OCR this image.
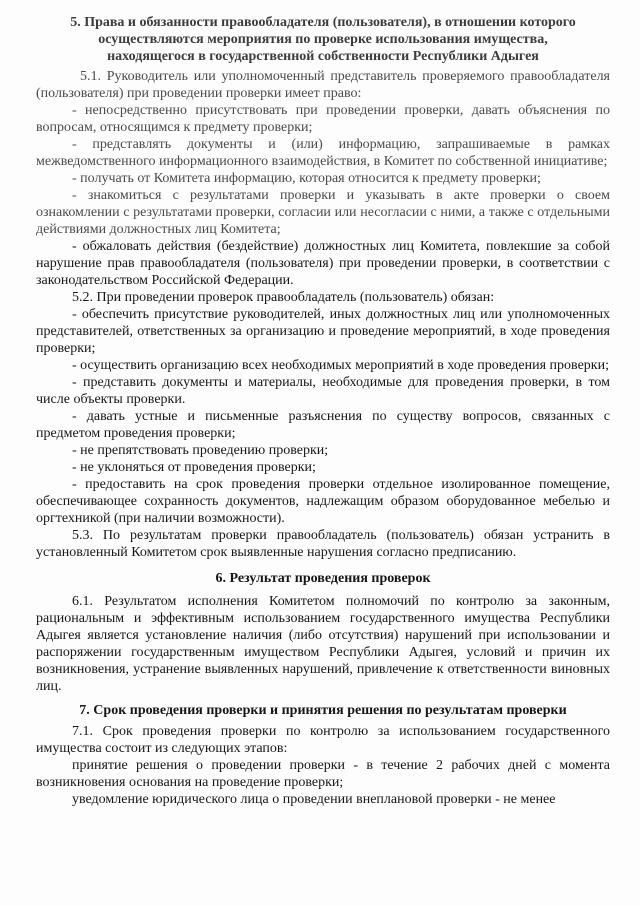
5. Права и обязанности правообладателя (пользователя), в отношении которого осуществляются мероприятия по проверке использования имущества, находящегося в государственной собственности Республики Адыгея

5.1. Руководитель или уполномоченный представитель проверяемого правообладателя (пользователя) при проведении проверки имеет право:

- непосредственно присутствовать при проведении проверки, давать объяснения по вопросам, относящимся к предмету проверки;

- представлять документы и (или) информацию, запрашиваемые в рамках межведомственного информационного взаимодействия, в Комитет по собственной инициативе;

- получать от Комитета информацию, которая относится к предмету проверки;

- знакомиться с результатами проверки и указывать в акте проверки о своем ознакомлении с результатами проверки, согласии или несогласии с ними, а также с отдельными действиями должностных лиц Комитета;

- обжаловать действия (бездействие) должностных лиц Комитета, повлекшие за собой нарушение прав правообладателя (пользователя) при проведении проверки, в соответствии с законодательством Российской Федерации.

5.2. При проведении проверок правообладатель (пользователь) обязан:

- обеспечить присутствие руководителей, иных должностных лиц или уполномоченных представителей, ответственных за организацию и проведение мероприятий, в ходе проведения проверки;

- осуществить организацию всех необходимых мероприятий в ходе проведения проверки;

- представить документы и материалы, необходимые для проведения проверки, в том числе объекты проверки.

- давать устные и письменные разъяснения по существу вопросов, связанных с предметом проведения проверки;

- не препятствовать проведению проверки;

- не уклоняться от проведения проверки;

- предоставить на срок проведения проверки отдельное изолированное помещение, обеспечивающее сохранность документов, надлежащим образом оборудованное мебелью и оргтехникой (при наличии возможности).

5.3. По результатам проверки правообладатель (пользователь) обязан устранить в установленный Комитетом срок выявленные нарушения согласно предписанию.

6. Результат проведения проверок

6.1. Результатом исполнения Комитетом полномочий по контролю за законным, рациональным и эффективным использованием государственного имущества Республики Адыгея является установление наличия (либо отсутствия) нарушений при использовании и распоряжении государственным имуществом Республики Адыгея, условий и причин их возникновения, устранение выявленных нарушений, привлечение к ответственности виновных лиц.

7. Срок проведения проверки и принятия решения по результатам проверки

7.1. Срок проведения проверки по контролю за использованием государственного имущества состоит из следующих этапов:

принятие решения о проведении проверки - в течение 2 рабочих дней с момента возникновения основания на проведение проверки;

уведомление юридического лица о проведении внеплановой проверки - не менее
